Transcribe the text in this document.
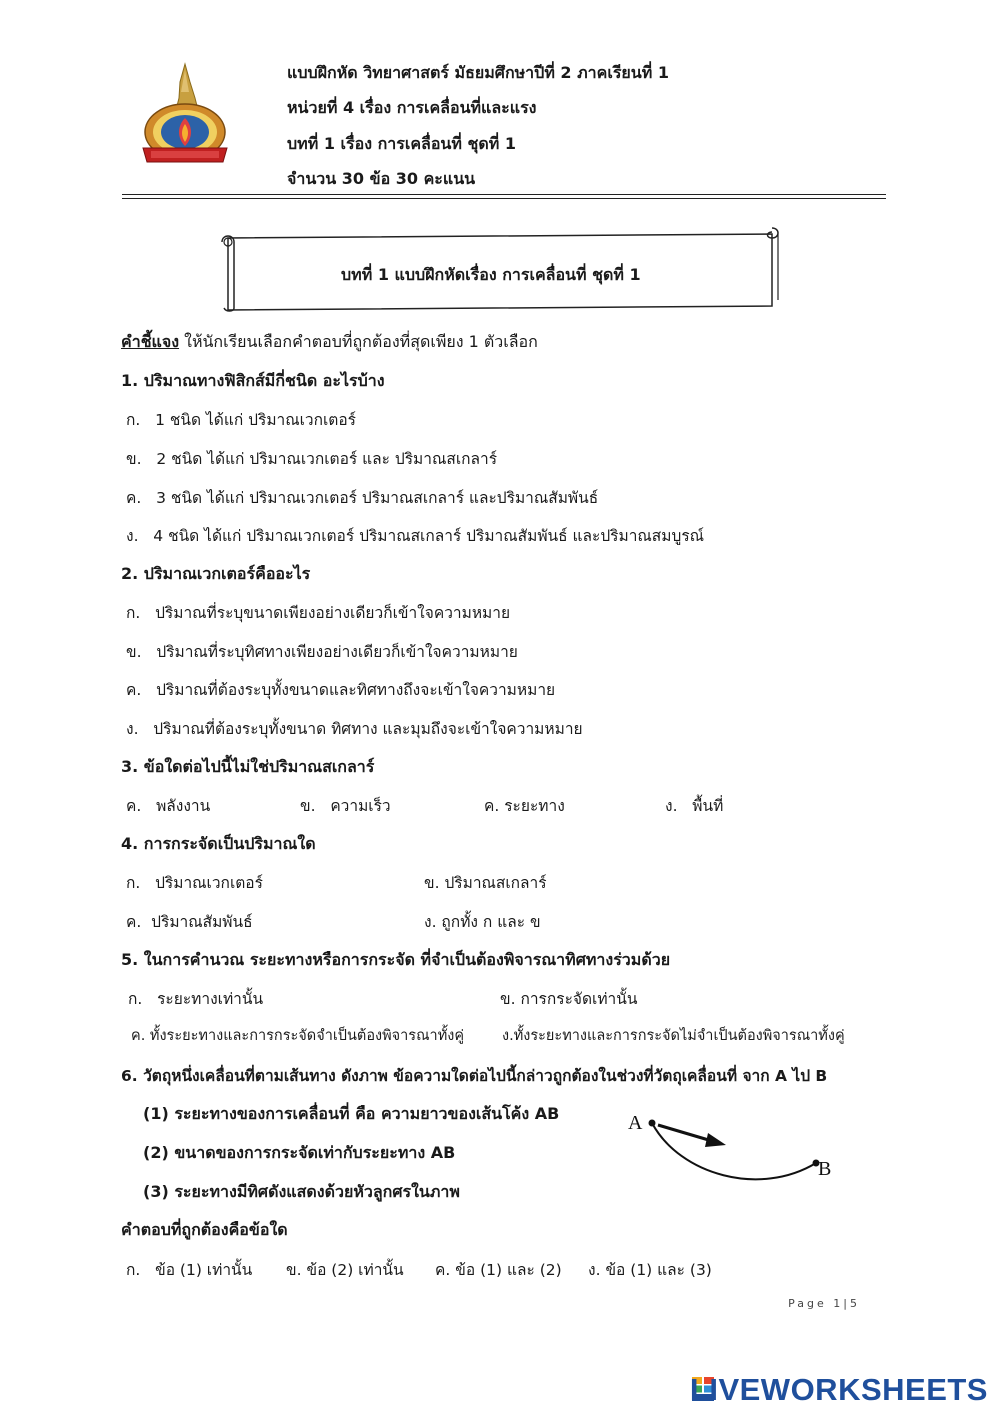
แบบฝึกหัด วิทยาศาสตร์ มัธยมศึกษาปีที่ 2 ภาคเรียนที่ 1
หน่วยที่ 4 เรื่อง การเคลื่อนที่และแรง
บทที่ 1 เรื่อง การเคลื่อนที่ ชุดที่ 1
จำนวน 30 ข้อ 30 คะแนน
บทที่ 1 แบบฝึกหัดเรื่อง การเคลื่อนที่ ชุดที่ 1
คำชี้แจง ให้นักเรียนเลือกคำตอบที่ถูกต้องที่สุดเพียง 1 ตัวเลือก
1. ปริมาณทางฟิสิกส์มีกี่ชนิด อะไรบ้าง
ก. 1 ชนิด ได้แก่ ปริมาณเวกเตอร์
ข. 2 ชนิด ได้แก่ ปริมาณเวกเตอร์ และ ปริมาณสเกลาร์
ค. 3 ชนิด ได้แก่ ปริมาณเวกเตอร์ ปริมาณสเกลาร์ และปริมาณสัมพันธ์
ง. 4 ชนิด ได้แก่ ปริมาณเวกเตอร์ ปริมาณสเกลาร์ ปริมาณสัมพันธ์ และปริมาณสมบูรณ์
2. ปริมาณเวกเตอร์คืออะไร
ก. ปริมาณที่ระบุขนาดเพียงอย่างเดียวก็เข้าใจความหมาย
ข. ปริมาณที่ระบุทิศทางเพียงอย่างเดียวก็เข้าใจความหมาย
ค. ปริมาณที่ต้องระบุทั้งขนาดและทิศทางถึงจะเข้าใจความหมาย
ง. ปริมาณที่ต้องระบุทั้งขนาด ทิศทาง และมุมถึงจะเข้าใจความหมาย
3. ข้อใดต่อไปนี้ไม่ใช่ปริมาณสเกลาร์
ค. พลังงาน	ข. ความเร็ว	ค. ระยะทาง	ง. พื้นที่
4. การกระจัดเป็นปริมาณใด
ก. ปริมาณเวกเตอร์	ข. ปริมาณสเกลาร์
ค. ปริมาณสัมพันธ์	ง. ถูกทั้ง ก และ ข
5. ในการคำนวณ ระยะทางหรือการกระจัด ที่จำเป็นต้องพิจารณาทิศทางร่วมด้วย
ก. ระยะทางเท่านั้น	ข. การกระจัดเท่านั้น
ค. ทั้งระยะทางและการกระจัดจำเป็นต้องพิจารณาทั้งคู่	ง.ทั้งระยะทางและการกระจัดไม่จำเป็นต้องพิจารณาทั้งคู่
6. วัตถุหนึ่งเคลื่อนที่ตามเส้นทาง ดังภาพ ข้อความใดต่อไปนี้กล่าวถูกต้องในช่วงที่วัตถุเคลื่อนที่ จาก A ไป B
(1) ระยะทางของการเคลื่อนที่ คือ ความยาวของเส้นโค้ง AB
(2) ขนาดของการกระจัดเท่ากับระยะทาง AB
(3) ระยะทางมีทิศดังแสดงด้วยหัวลูกศรในภาพ
คำตอบที่ถูกต้องคือข้อใด
A
B
ก. ข้อ (1) เท่านั้น ข. ข้อ (2) เท่านั้น ค. ข้อ (1) และ (2) ง. ข้อ (1) และ (3)
Page 1|5
LIVEWORKSHEETS
